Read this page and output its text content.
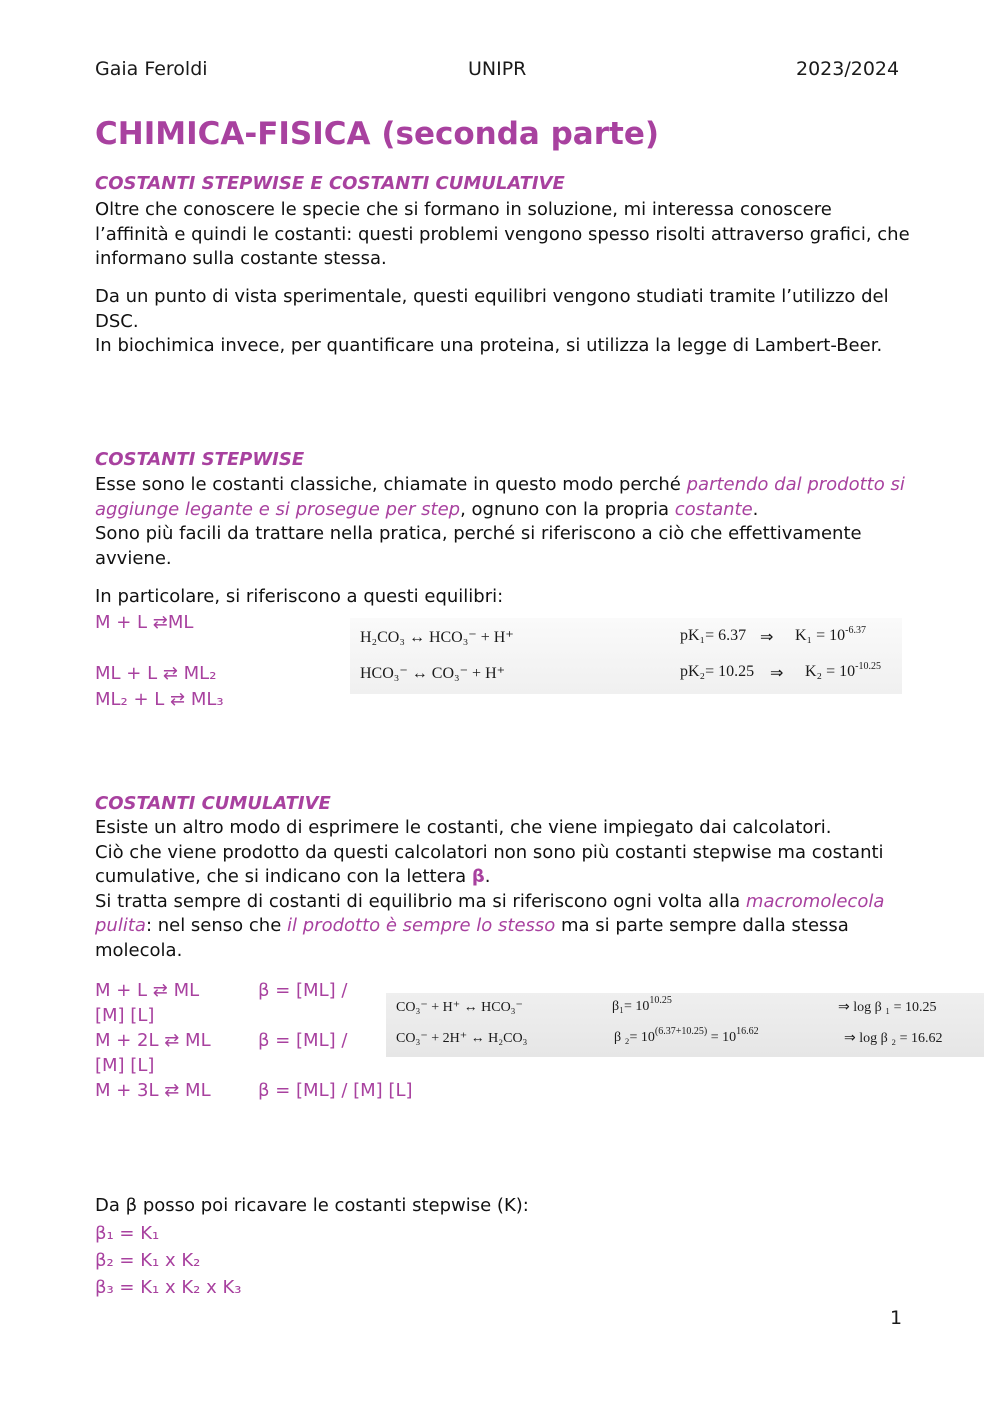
Gaia Feroldi	UNIPR	2023/2024
CHIMICA-FISICA (seconda parte)
COSTANTI STEPWISE E COSTANTI CUMULATIVE

Oltre che conoscere le specie che si formano in soluzione, mi interessa conoscere l’affinità e quindi le costanti: questi problemi vengono spesso risolti attraverso grafici, che informano sulla costante stessa.

Da un punto di vista sperimentale, questi equilibri vengono studiati tramite l’utilizzo del DSC.
In biochimica invece, per quantificare una proteina, si utilizza la legge di Lambert-Beer.

COSTANTI STEPWISE

Esse sono le costanti classiche, chiamate in questo modo perché partendo dal prodotto si aggiunge legante e si prosegue per step, ognuno con la propria costante.
Sono più facili da trattare nella pratica, perché si riferiscono a ciò che effettivamente avviene.

In particolare, si riferiscono a questi equilibri:

M + L ⇄ML

ML + L ⇄ ML₂

ML₂ + L ⇄ ML₃

H₂CO₃ ↔ HCO₃⁻ + H⁺	pK₁= 6.37 ⇒ $K_1 = 10^{-6.37}$
HCO₃⁻ ↔ CO₃⁻ + H⁺	pK₂= 10.25 ⇒ $K_2 = 10^{-10.25}$
COSTANTI CUMULATIVE

Esiste un altro modo di esprimere le costanti, che viene impiegato dai calcolatori.
Ciò che viene prodotto da questi calcolatori non sono più costanti stepwise ma costanti cumulative, che si indicano con la lettera β.
Si tratta sempre di costanti di equilibrio ma si riferiscono ogni volta alla macromolecola pulita: nel senso che il prodotto è sempre lo stesso ma si parte sempre dalla stessa molecola.

M + L ⇄ ML	β = [ML] /

[M] [L]

M + 2L ⇄ ML	β = [ML] /

[M] [L]

M + 3L ⇄ ML	β = [ML] / [M] [L]

CO₃⁻ + H⁺ ↔ HCO₃⁻	$\beta_1= 10^{10.25}$	⇒ log β ₁ = 10.25
CO₃⁻ + 2H⁺ ↔ H₂CO₃	β $_2= 10^{(6.37+10.25)} = 10^{16.62}$	⇒ log β ₂ = 16.62

Da β posso poi ricavare le costanti stepwise (K):

β₁ = K₁

β₂ = K₁ x K₂

β₃ = K₁ x K₂ x K₃

1
